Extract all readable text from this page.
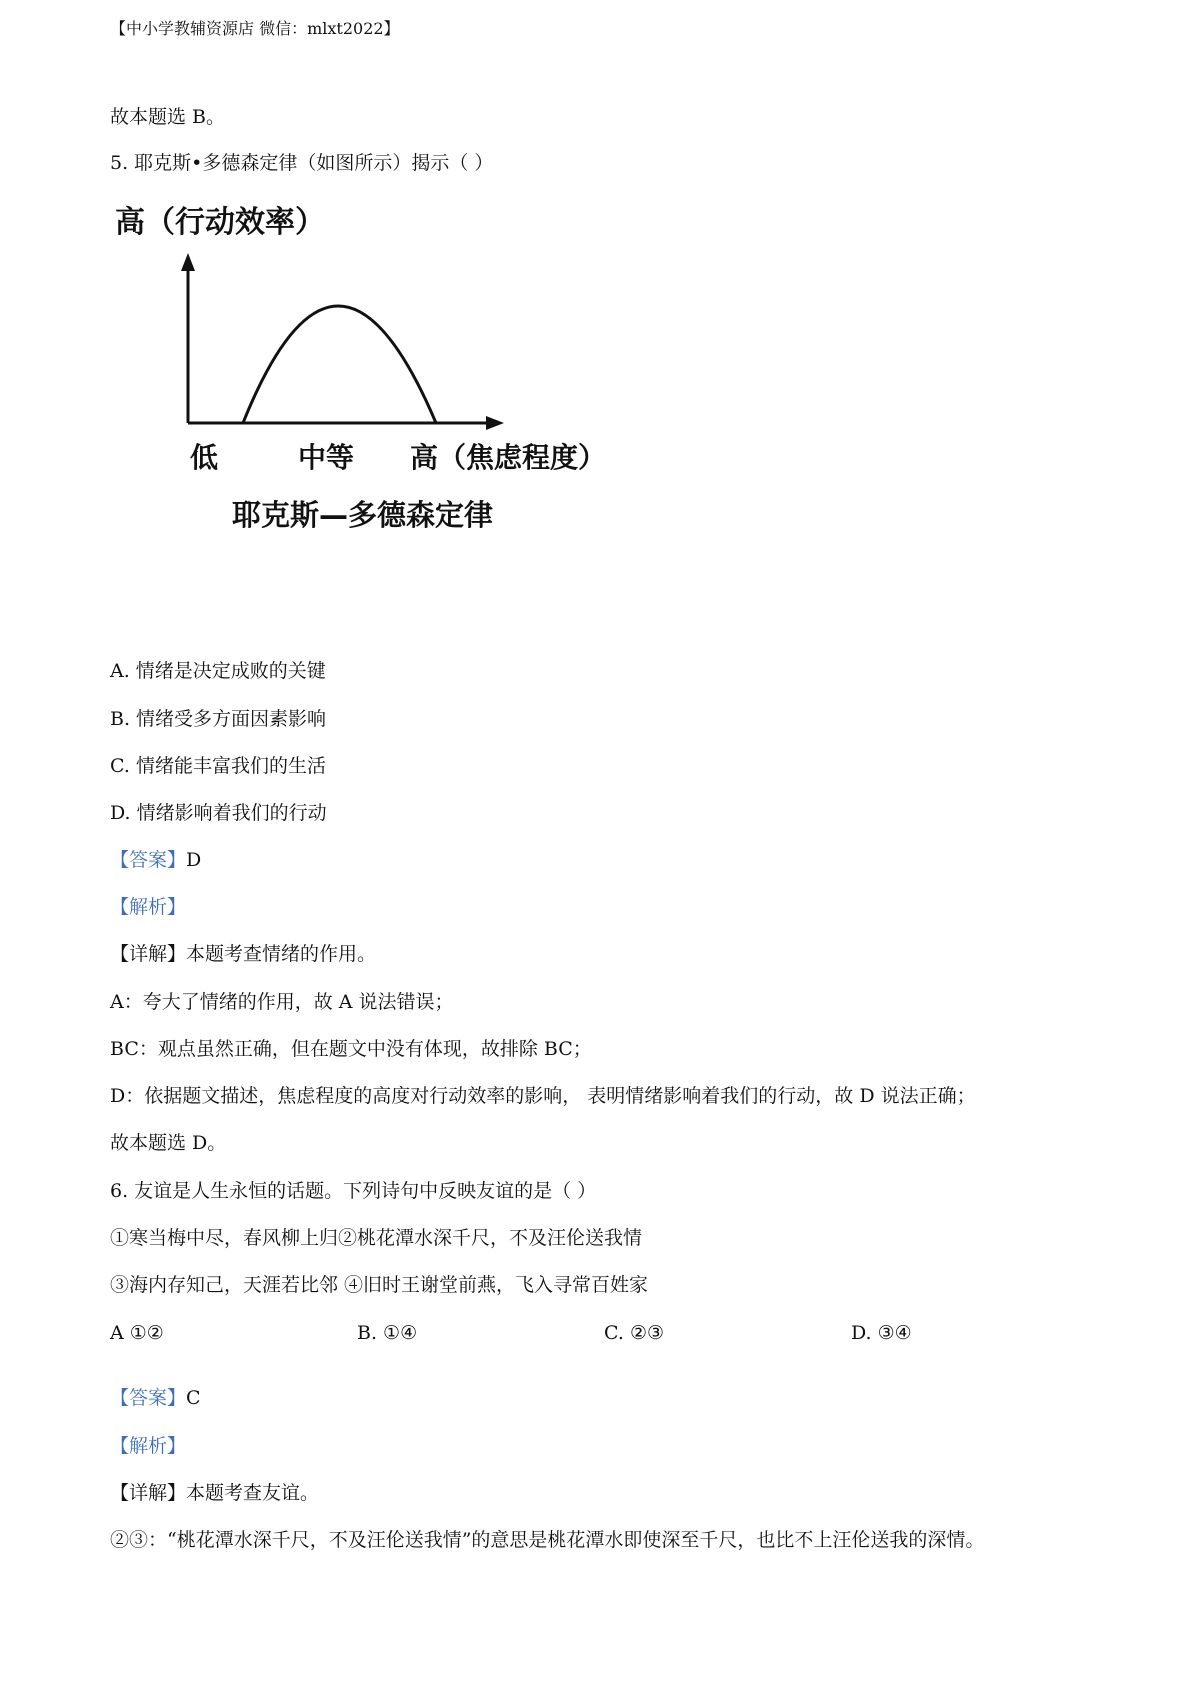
【中小学教辅资源店 微信：mlxt2022】
故本题选 B。
5. 耶克斯•多德森定律（如图所示）揭示（ ）
高（行动效率）
低	中等 高（焦虑程度）
耶克斯—多德森定律
A. 情绪是决定成败的关键
B. 情绪受多方面因素影响
C. 情绪能丰富我们的生活
D. 情绪影响着我们的行动
【答案】D
【解析】
【详解】本题考查情绪的作用。
A：夸大了情绪的作用，故 A 说法错误；
BC：观点虽然正确，但在题文中没有体现，故排除 BC；
D：依据题文描述，焦虑程度的高度对行动效率的影响， 表明情绪影响着我们的行动，故 D 说法正确；
故本题选 D。
6. 友谊是人生永恒的话题。下列诗句中反映友谊的是（ ）
①寒当梅中尽，春风柳上归②桃花潭水深千尺，不及汪伦送我情
③海内存知己，天涯若比邻 ④旧时王谢堂前燕，飞入寻常百姓家
A ①②	B. ①④	C. ②③	D. ③④
【答案】C
【解析】
【详解】本题考查友谊。
②③：“桃花潭水深千尺，不及汪伦送我情”的意思是桃花潭水即使深至千尺，也比不上汪伦送我的深情。
